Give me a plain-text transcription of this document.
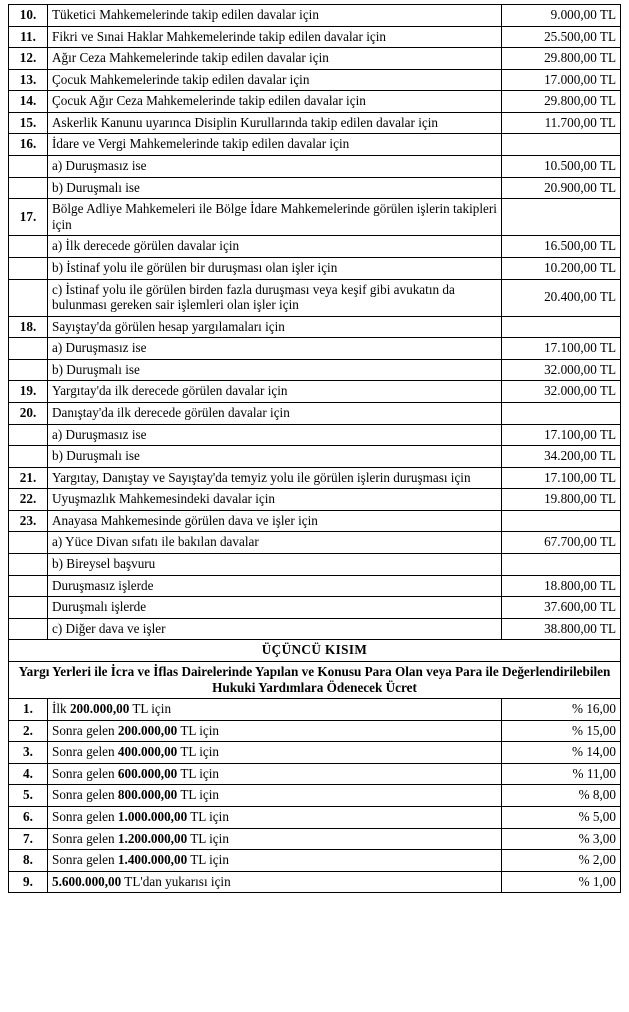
10.	Tüketici Mahkemelerinde takip edilen davalar için	9.000,00 TL
11.	Fikri ve Sınai Haklar Mahkemelerinde takip edilen davalar için	25.500,00 TL
12.	Ağır Ceza Mahkemelerinde takip edilen davalar için	29.800,00 TL
13.	Çocuk Mahkemelerinde takip edilen davalar için	17.000,00 TL
14.	Çocuk Ağır Ceza Mahkemelerinde takip edilen davalar için	29.800,00 TL
15.	Askerlik Kanunu uyarınca Disiplin Kurullarında takip edilen davalar için	11.700,00 TL
16.	İdare ve Vergi Mahkemelerinde takip edilen davalar için	
	a) Duruşmasız ise	10.500,00 TL
	b) Duruşmalı ise	20.900,00 TL
17.	Bölge Adliye Mahkemeleri ile Bölge İdare Mahkemelerinde görülen işlerin takipleri için	
	a) İlk derecede görülen davalar için	16.500,00 TL
	b) İstinaf yolu ile görülen bir duruşması olan işler için	10.200,00 TL
	c) İstinaf yolu ile görülen birden fazla duruşması veya keşif gibi avukatın da bulunması gereken sair işlemleri olan işler için	20.400,00 TL
18.	Sayıştay'da görülen hesap yargılamaları için	
	a) Duruşmasız ise	17.100,00 TL
	b) Duruşmalı ise	32.000,00 TL
19.	Yargıtay'da ilk derecede görülen davalar için	32.000,00 TL
20.	Danıştay'da ilk derecede görülen davalar için	
	a) Duruşmasız ise	17.100,00 TL
	b) Duruşmalı ise	34.200,00 TL
21.	Yargıtay, Danıştay ve Sayıştay'da temyiz yolu ile görülen işlerin duruşması için	17.100,00 TL
22.	Uyuşmazlık Mahkemesindeki davalar için	19.800,00 TL
23.	Anayasa Mahkemesinde görülen dava ve işler için	
	a) Yüce Divan sıfatı ile bakılan davalar	67.700,00 TL
	b) Bireysel başvuru	
	Duruşmasız işlerde	18.800,00 TL
	Duruşmalı işlerde	37.600,00 TL
	c) Diğer dava ve işler	38.800,00 TL
ÜÇÜNCÜ KISIM		
Yargı Yerleri ile İcra ve İflas Dairelerinde Yapılan ve Konusu Para Olan veya Para ile Değerlendirilebilen Hukuki Yardımlara Ödenecek Ücret		
1.	İlk 200.000,00 TL için	% 16,00
2.	Sonra gelen 200.000,00 TL için	% 15,00
3.	Sonra gelen 400.000,00 TL için	% 14,00
4.	Sonra gelen 600.000,00 TL için	% 11,00
5.	Sonra gelen 800.000,00 TL için	% 8,00
6.	Sonra gelen 1.000.000,00 TL için	% 5,00
7.	Sonra gelen 1.200.000,00 TL için	% 3,00
8.	Sonra gelen 1.400.000,00 TL için	% 2,00
9.	5.600.000,00 TL'dan yukarısı için	% 1,00
